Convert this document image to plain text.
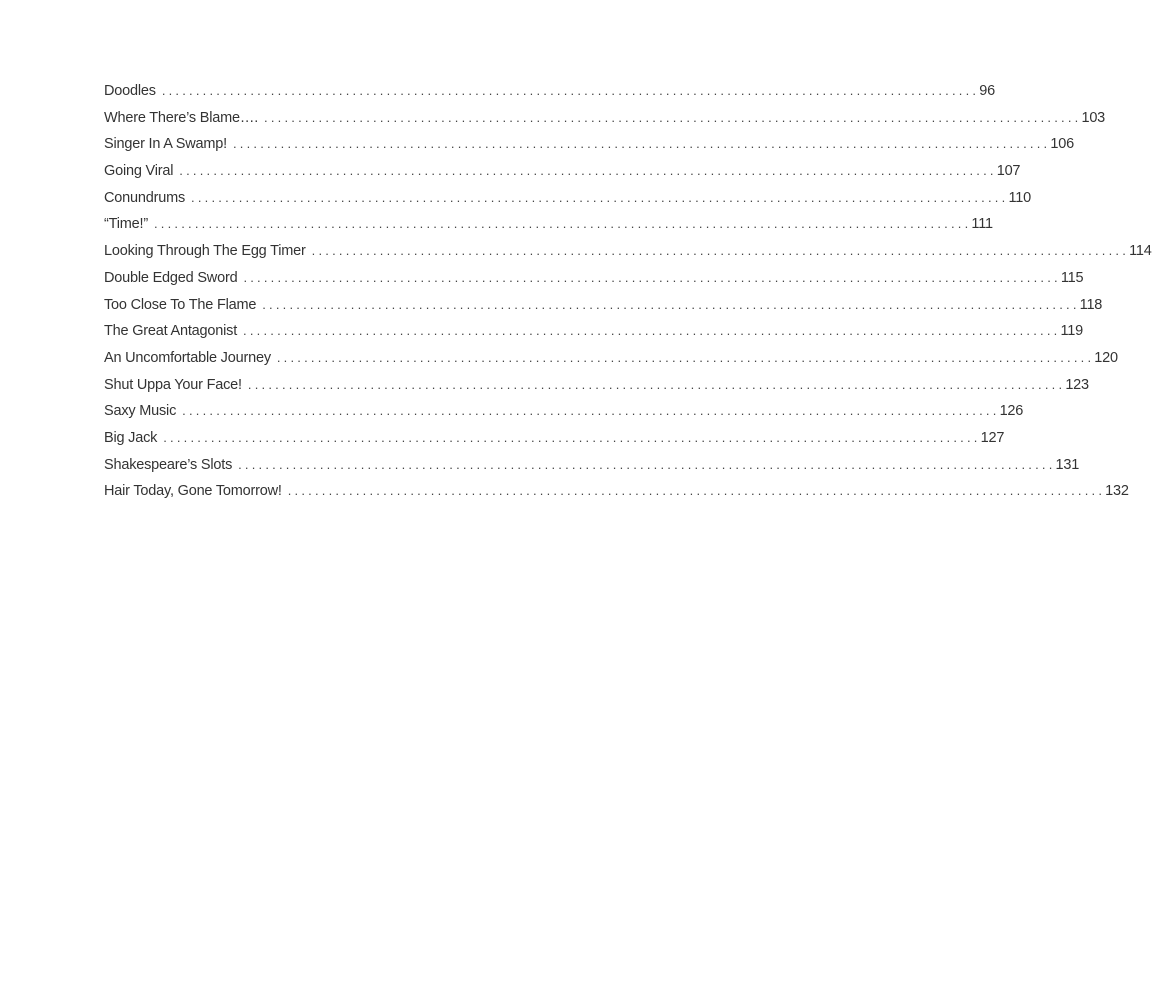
Doodles ........................................................................................................................ 96
Where There’s Blame…. ........................................................................................................................ 103
Singer In A Swamp! ........................................................................................................................ 106
Going Viral ........................................................................................................................ 107
Conundrums ........................................................................................................................ 110
“Time!” ........................................................................................................................ 111
Looking Through The Egg Timer ........................................................................................................................ 114
Double Edged Sword ........................................................................................................................ 115
Too Close To The Flame ........................................................................................................................ 118
The Great Antagonist ........................................................................................................................ 119
An Uncomfortable Journey ........................................................................................................................ 120
Shut Uppa Your Face! ........................................................................................................................ 123
Saxy Music ........................................................................................................................ 126
Big Jack ........................................................................................................................ 127
Shakespeare’s Slots ........................................................................................................................ 131
Hair Today, Gone Tomorrow! ........................................................................................................................ 132
